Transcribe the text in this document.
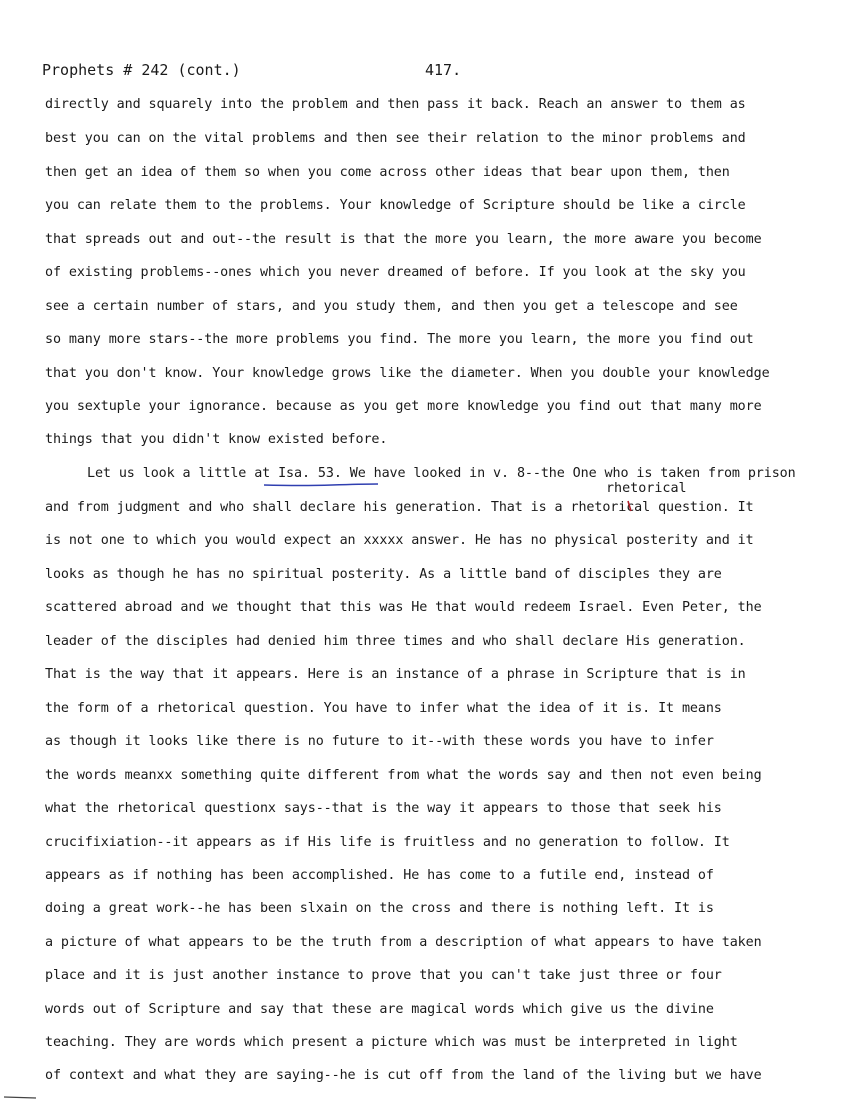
Prophets # 242 (cont.)	417.
directly and squarely into the problem and then pass it back. Reach an answer to them as
best you can on the vital problems and then see their relation to the minor problems and
then get an idea of them so when you come across other ideas that bear upon them, then
you can relate them to the problems. Your knowledge of Scripture should be like a circle
that spreads out and out--the result is that the more you learn, the more aware you become
of existing problems--ones which you never dreamed of before. If you look at the sky you
see a certain number of stars, and you study them, and then you get a telescope and see
so many more stars--the more problems you find. The more you learn, the more you find out
that you don't know. Your knowledge grows like the diameter. When you double your knowledge
you sextuple your ignorance. because as you get more knowledge you find out that many more
things that you didn't know existed before.
Let us look a little at Isa. 53. We have looked in v. 8--the One who is taken from prison
rhetorical
and from judgment and who shall declare his generation. That is a rhetorical question. It
is not one to which you would expect an xxxxx answer. He has no physical posterity and it
looks as though he has no spiritual posterity. As a little band of disciples they are
scattered abroad and we thought that this was He that would redeem Israel. Even Peter, the
leader of the disciples had denied him three times and who shall declare His generation.
That is the way that it appears. Here is an instance of a phrase in Scripture that is in
the form of a rhetorical question. You have to infer what the idea of it is. It means
as though it looks like there is no future to it--with these words you have to infer
the words meanxx something quite different from what the words say and then not even being
what the rhetorical questionx says--that is the way it appears to those that seek his
crucifixiation--it appears as if His life is fruitless and no generation to follow. It
appears as if nothing has been accomplished. He has come to a futile end, instead of
doing a great work--he has been slxain on the cross and there is nothing left. It is
a picture of what appears to be the truth from a description of what appears to have taken
place and it is just another instance to prove that you can't take just three or four
words out of Scripture and say that these are magical words which give us the divine
teaching. They are words which present a picture which was must be interpreted in light
of context and what they are saying--he is cut off from the land of the living but we have
